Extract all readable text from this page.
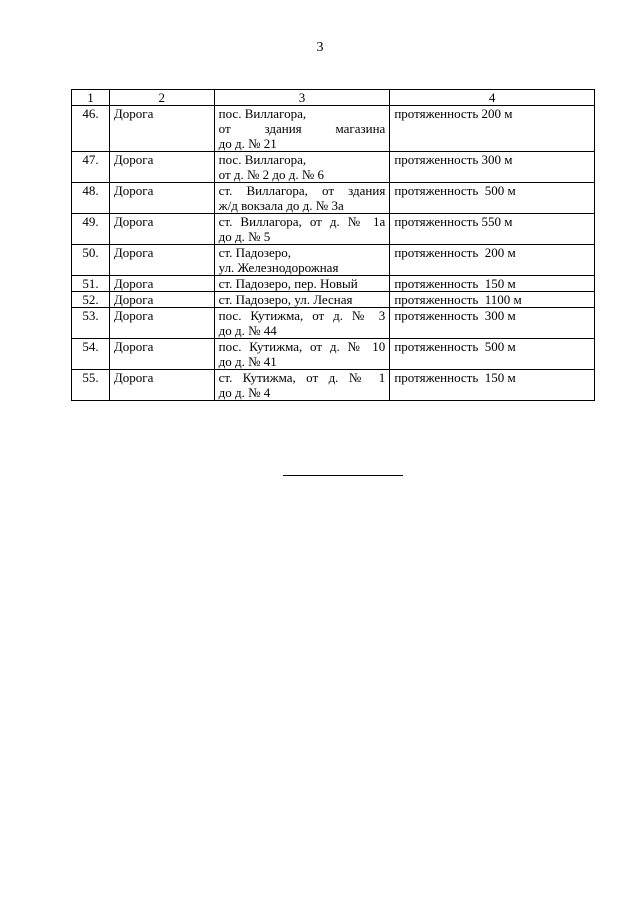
3
1	2	3	4
46.	Дорога	пос. Виллагора,
от здания магазина
до д. № 21	протяженность 200 м
47.	Дорога	пос. Виллагора,
от д. № 2 до д. № 6	протяженность 300 м
48.	Дорога	ст. Виллагора, от здания
ж/д вокзала до д. № 3а	протяженность  500 м
49.	Дорога	ст. Виллагора, от д. № 1а
до д. № 5	протяженность 550 м
50.	Дорога	ст. Падозеро,
ул. Железнодорожная	протяженность  200 м
51.	Дорога	ст. Падозеро, пер. Новый	протяженность  150 м
52.	Дорога	ст. Падозеро, ул. Лесная	протяженность  1100 м
53.	Дорога	пос. Кутижма, от д. № 3
до д. № 44	протяженность  300 м
54.	Дорога	пос. Кутижма, от д. № 10
до д. № 41	протяженность  500 м
55.	Дорога	ст. Кутижма, от д. № 1
до д. № 4	протяженность  150 м
